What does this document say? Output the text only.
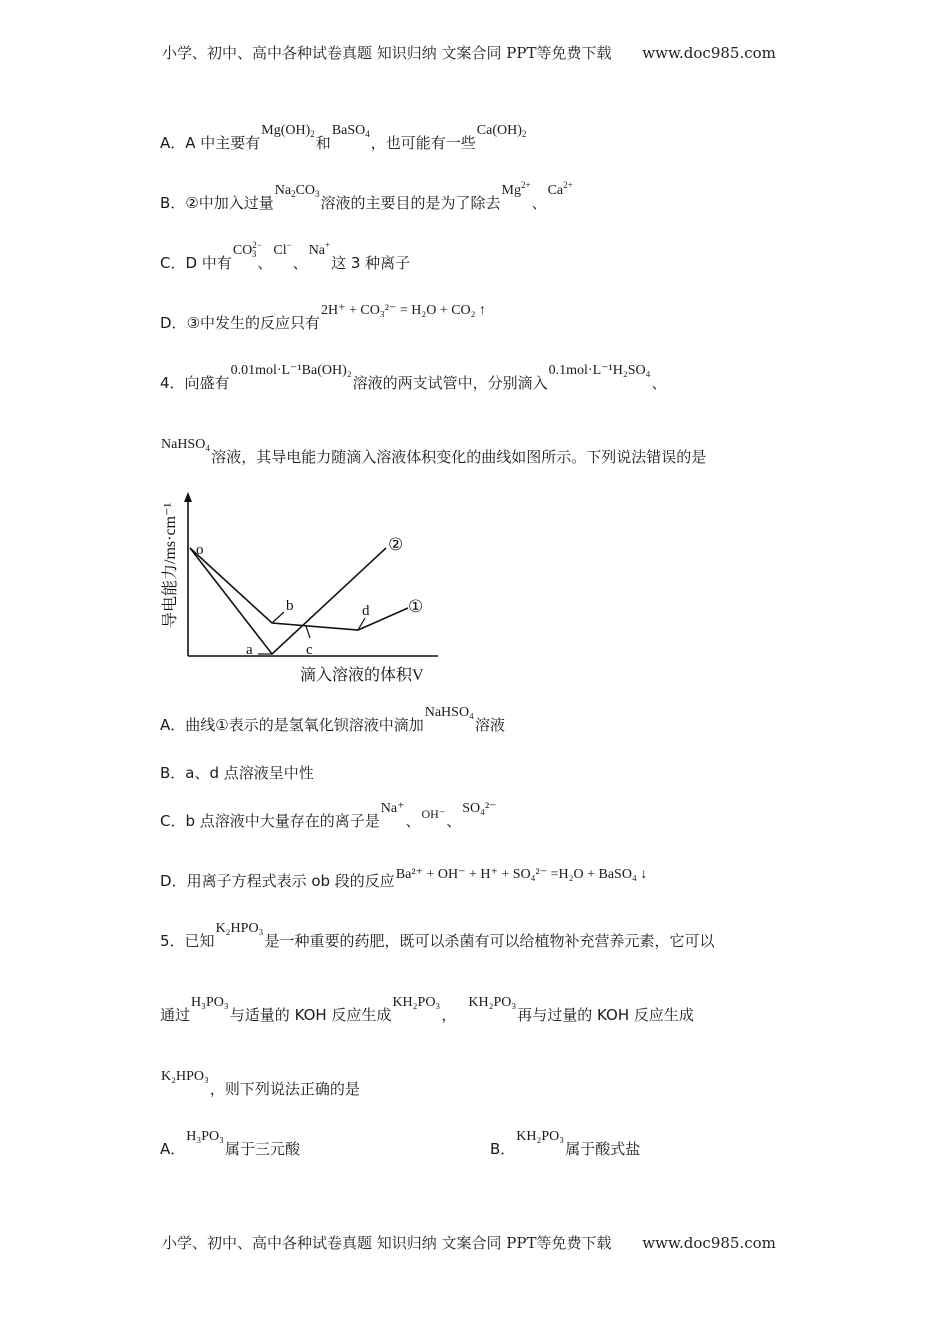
小学、初中、高中各种试卷真题 知识归纳 文案合同 PPT等免费下载 www.doc985.com
A．A 中主要有$Mg(OH)_2$和BaSO$_4$，也可能有一些$Ca(OH)_2$
B．②中加入过量$Na_2CO_3$溶液的主要目的是为了除去$Mg^{2+}$、$Ca^{2+}$
C．D 中有$CO^{2-}_3$、Cl−、Na+这 3 种离子
D．③中发生的反应只有2H⁺ + CO₃²⁻ = H₂O + CO₂ ↑
4．向盛有0.01mol·L⁻¹Ba(OH)₂溶液的两支试管中，分别滴入0.1mol·L⁻¹H₂SO₄、
NaHSO₄溶液，其导电能力随滴入溶液体积变化的曲线如图所示。下列说法错误的是
导电能力/ms·cm⁻¹ o
a
b
c
d ①
②
滴入溶液的体积V
A．曲线①表示的是氢氧化钡溶液中滴加NaHSO₄溶液
B．a、d 点溶液呈中性
C．b 点溶液中大量存在的离子是Na⁺、$^{OH^-}$、SO₄²⁻
D．用离子方程式表示 ob 段的反应Ba²⁺ + OH⁻ + H⁺ + SO₄²⁻ =H₂O + BaSO₄ ↓
5．已知K₂HPO₃是一种重要的药肥，既可以杀菌有可以给植物补充营养元素，它可以
通过H₃PO₃与适量的 KOH 反应生成KH₂PO₃，KH₂PO₃再与过量的 KOH 反应生成
K₂HPO₃，则下列说法正确的是
A．H₃PO₃属于三元酸	B．KH₂PO₃属于酸式盐
小学、初中、高中各种试卷真题 知识归纳 文案合同 PPT等免费下载 www.doc985.com
